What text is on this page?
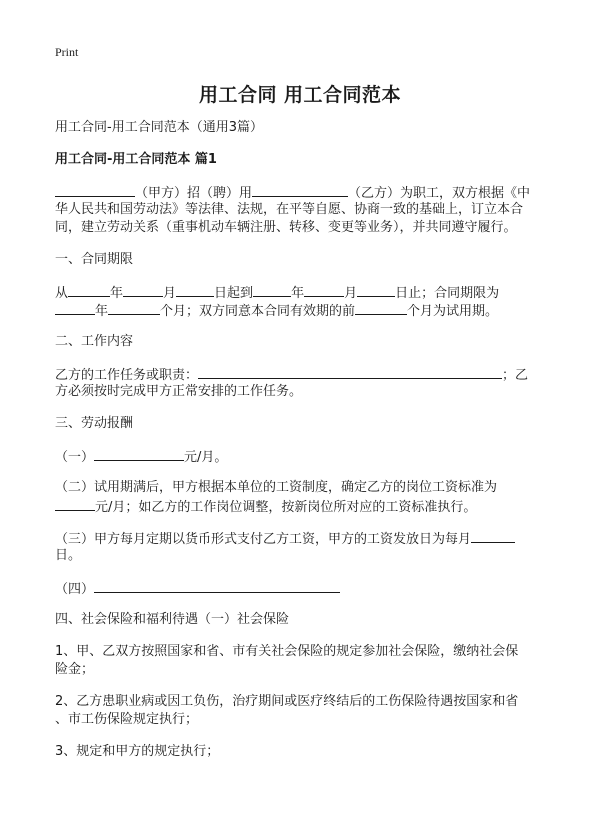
Print
用工合同 用工合同范本
用工合同-用工合同范本（通用3篇）
用工合同-用工合同范本 篇1
（甲方）招（聘）用	（乙方）为职工，双方根据《中
华人民共和国劳动法》等法律、法规，在平等自愿、协商一致的基础上，订立本合
同，建立劳动关系（重事机动车辆注册、转移、变更等业务），并共同遵守履行。
一、合同期限
从	年	月	日起到	年	月	日止；合同期限为
年	个月；双方同意本合同有效期的前	个月为试用期。
二、工作内容
乙方的工作任务或职责：	；乙
方必须按时完成甲方正常安排的工作任务。
三、劳动报酬
（一）	元/月。
（二）试用期满后，甲方根据本单位的工资制度，确定乙方的岗位工资标准为
元/月；如乙方的工作岗位调整，按新岗位所对应的工资标准执行。
（三）甲方每月定期以货币形式支付乙方工资，甲方的工资发放日为每月
日。
（四）
四、社会保险和福利待遇（一）社会保险
1、甲、乙双方按照国家和省、市有关社会保险的规定参加社会保险，缴纳社会保
险金；
2、乙方患职业病或因工负伤，治疗期间或医疗终结后的工伤保险待遇按国家和省
、市工伤保险规定执行；
3、规定和甲方的规定执行；
